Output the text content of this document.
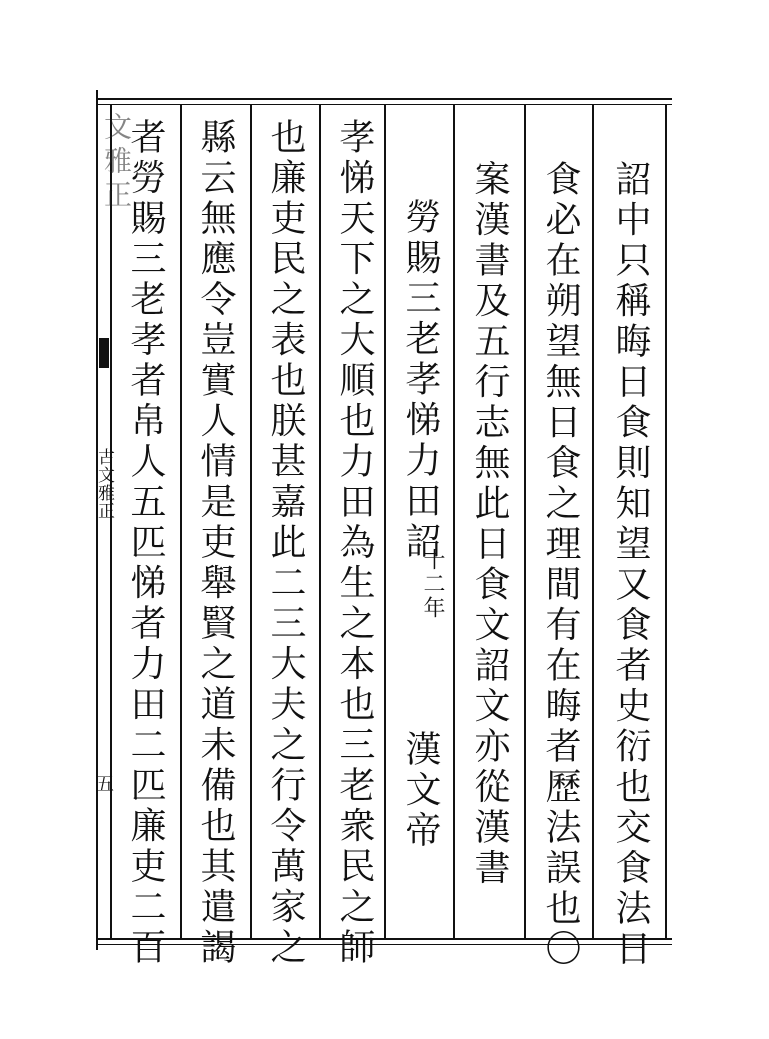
文雅正
古文雅正
五	詔中只稱晦日食則知望又食者史衍也交食法日
食必在朔望無日食之理間有在晦者歷法誤也〇
案漢書及五行志無此日食文詔文亦從漢書
勞賜三老孝悌力田詔
十二年
漢文帝
孝悌天下之大順也力田為生之本也三老衆民之師
也廉吏民之表也朕甚嘉此二三大夫之行令萬家之
縣云無應令豈實人情是吏舉賢之道未備也其遣謁
者勞賜三老孝者帛人五匹悌者力田二匹廉吏二百
